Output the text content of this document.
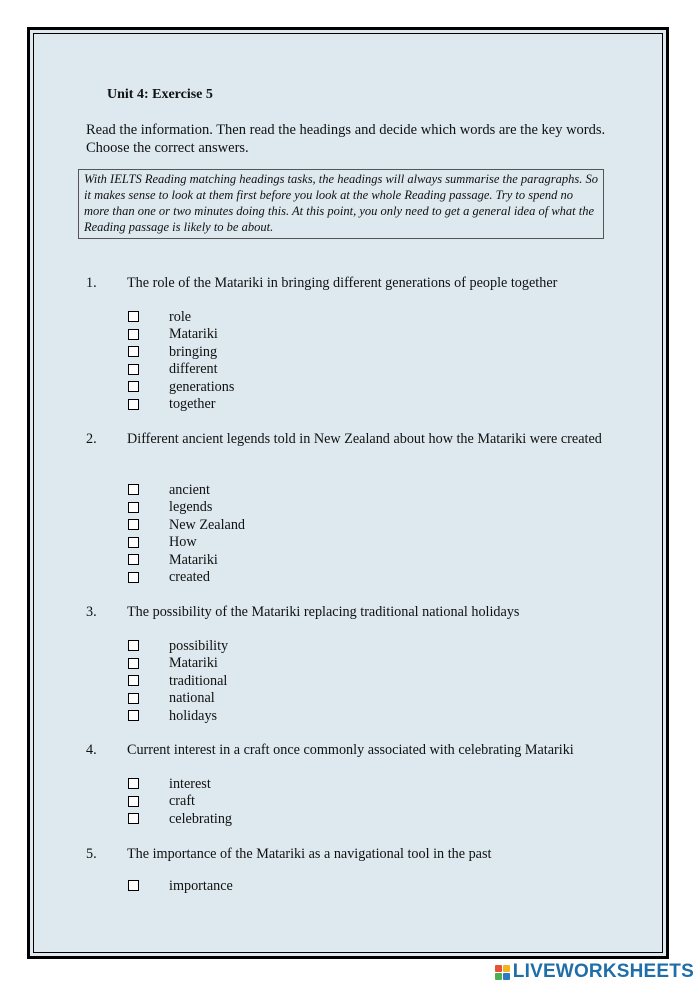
Unit 4: Exercise 5

Read the information. Then read the headings and decide which words are the key words. Choose the correct answers.

With IELTS Reading matching headings tasks, the headings will always summarise the paragraphs. So it makes sense to look at them first before you look at the whole Reading passage. Try to spend no more than one or two minutes doing this. At this point, you only need to get a general idea of what the Reading passage is likely to be about.
1.	The role of the Matariki in bringing different generations of people together
role
Matariki
bringing
different
generations
together
2.	Different ancient legends told in New Zealand about how the Matariki were created
ancient
legends
New Zealand
How
Matariki
created
3.	The possibility of the Matariki replacing traditional national holidays
possibility
Matariki
traditional
national
holidays
4.	Current interest in a craft once commonly associated with celebrating Matariki
interest
craft
celebrating
5.	The importance of the Matariki as a navigational tool in the past
importance
LIVEWORKSHEETS
